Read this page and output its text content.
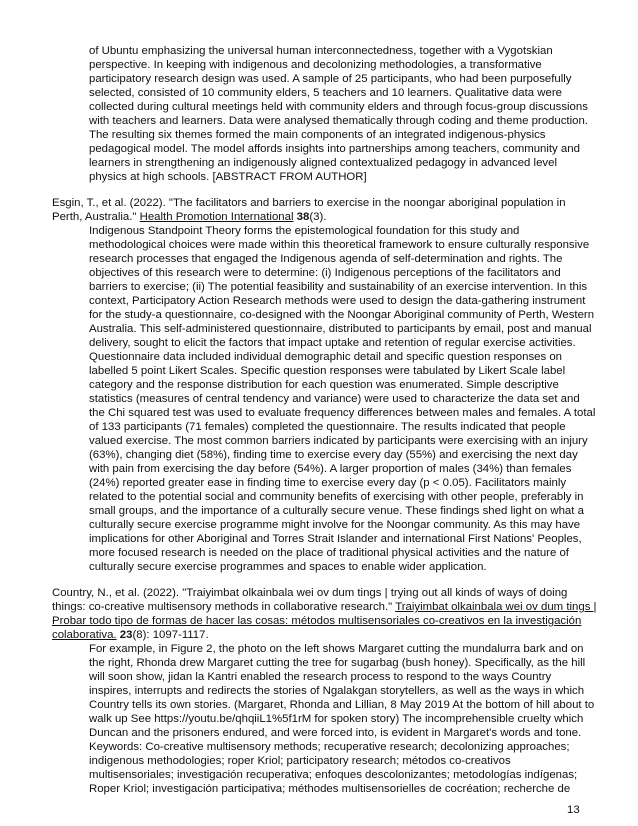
of Ubuntu emphasizing the universal human interconnectedness, together with a Vygotskian
perspective. In keeping with indigenous and decolonizing methodologies, a transformative
participatory research design was used. A sample of 25 participants, who had been purposefully
selected, consisted of 10 community elders, 5 teachers and 10 learners. Qualitative data were
collected during cultural meetings held with community elders and through focus-group discussions
with teachers and learners. Data were analysed thematically through coding and theme production.
The resulting six themes formed the main components of an integrated indigenous-physics
pedagogical model. The model affords insights into partnerships among teachers, community and
learners in strengthening an indigenously aligned contextualized pedagogy in advanced level
physics at high schools. [ABSTRACT FROM AUTHOR]
Esgin, T., et al. (2022). "The facilitators and barriers to exercise in the noongar aboriginal population in
Perth, Australia." Health Promotion International 38(3).
Indigenous Standpoint Theory forms the epistemological foundation for this study and
methodological choices were made within this theoretical framework to ensure culturally responsive
research processes that engaged the Indigenous agenda of self-determination and rights. The
objectives of this research were to determine: (i) Indigenous perceptions of the facilitators and
barriers to exercise; (ii) The potential feasibility and sustainability of an exercise intervention. In this
context, Participatory Action Research methods were used to design the data-gathering instrument
for the study-a questionnaire, co-designed with the Noongar Aboriginal community of Perth, Western
Australia. This self-administered questionnaire, distributed to participants by email, post and manual
delivery, sought to elicit the factors that impact uptake and retention of regular exercise activities.
Questionnaire data included individual demographic detail and specific question responses on
labelled 5 point Likert Scales. Specific question responses were tabulated by Likert Scale label
category and the response distribution for each question was enumerated. Simple descriptive
statistics (measures of central tendency and variance) were used to characterize the data set and
the Chi squared test was used to evaluate frequency differences between males and females. A total
of 133 participants (71 females) completed the questionnaire. The results indicated that people
valued exercise. The most common barriers indicated by participants were exercising with an injury
(63%), changing diet (58%), finding time to exercise every day (55%) and exercising the next day
with pain from exercising the day before (54%). A larger proportion of males (34%) than females
(24%) reported greater ease in finding time to exercise every day (p < 0.05). Facilitators mainly
related to the potential social and community benefits of exercising with other people, preferably in
small groups, and the importance of a culturally secure venue. These findings shed light on what a
culturally secure exercise programme might involve for the Noongar community. As this may have
implications for other Aboriginal and Torres Strait Islander and international First Nations' Peoples,
more focused research is needed on the place of traditional physical activities and the nature of
culturally secure exercise programmes and spaces to enable wider application.
Country, N., et al. (2022). "Traiyimbat olkainbala wei ov dum tings | trying out all kinds of ways of doing
things: co-creative multisensory methods in collaborative research." Traiyimbat olkainbala wei ov dum tings |
Probar todo tipo de formas de hacer las cosas: métodos multisensoriales co-creativos en la investigación
colaborativa. 23(8): 1097-1117.
For example, in Figure 2, the photo on the left shows Margaret cutting the mundalurra bark and on
the right, Rhonda drew Margaret cutting the tree for sugarbag (bush honey). Specifically, as the hill
will soon show, jidan la Kantri enabled the research process to respond to the ways Country
inspires, interrupts and redirects the stories of Ngalakgan storytellers, as well as the ways in which
Country tells its own stories. (Margaret, Rhonda and Lillian, 8 May 2019 At the bottom of hill about to
walk up See https://youtu.be/qhqiiL1%5f1rM for spoken story) The incomprehensible cruelty which
Duncan and the prisoners endured, and were forced into, is evident in Margaret's words and tone.
Keywords: Co-creative multisensory methods; recuperative research; decolonizing approaches;
indigenous methodologies; roper Kriol; participatory research; métodos co-creativos
multisensoriales; investigación recuperativa; enfoques descolonizantes; metodologías indígenas;
Roper Kriol; investigación participativa; méthodes multisensorielles de cocréation; recherche de
13
